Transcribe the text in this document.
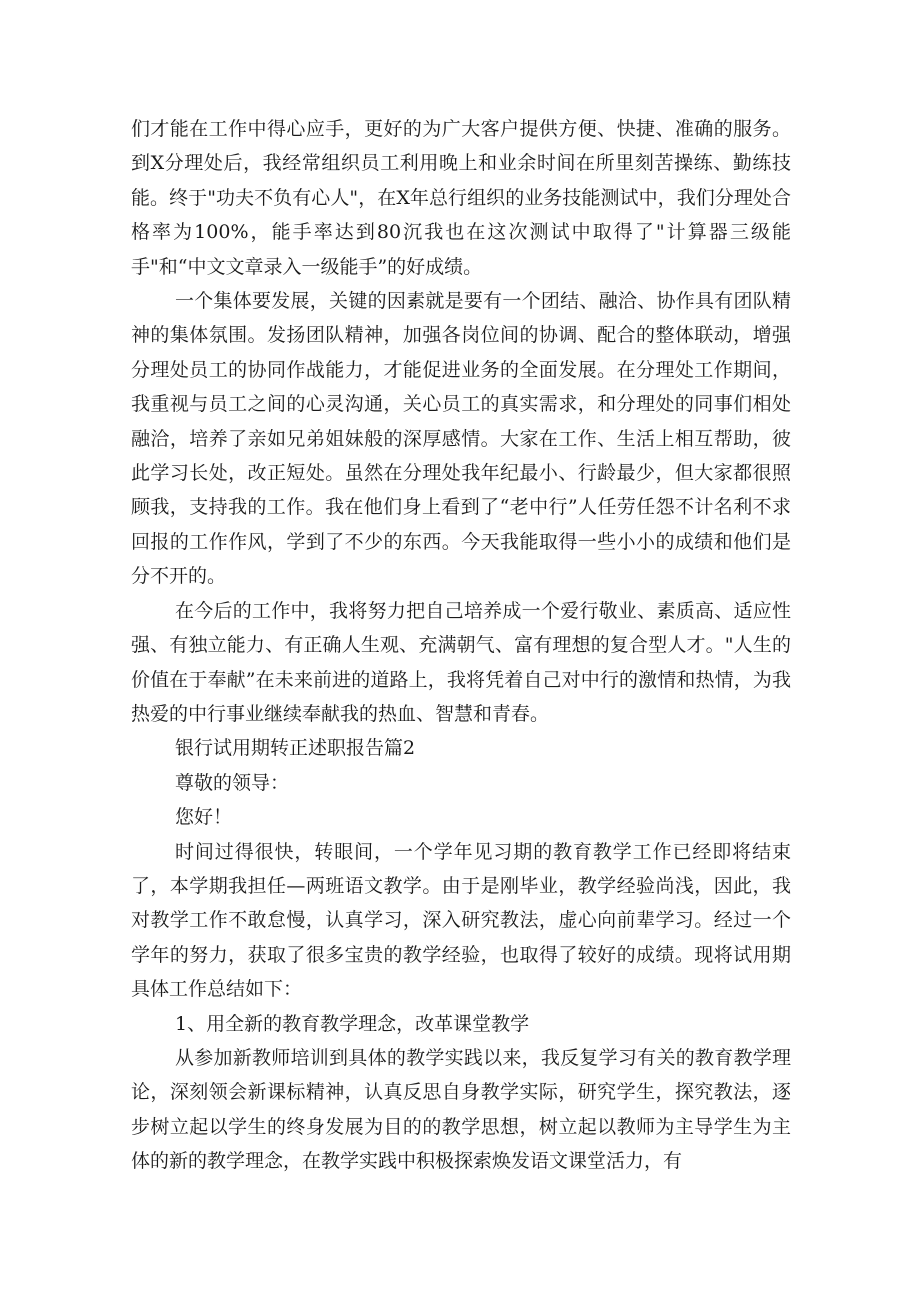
们才能在工作中得心应手，更好的为广大客户提供方便、快捷、准确的服务。到X分理处后，我经常组织员工利用晚上和业余时间在所里刻苦操练、勤练技能。终于"功夫不负有心人"，在X年总行组织的业务技能测试中，我们分理处合格率为100%，能手率达到80沉我也在这次测试中取得了"计算器三级能手"和“中文文章录入一级能手”的好成绩。

一个集体要发展，关键的因素就是要有一个团结、融洽、协作具有团队精神的集体氛围。发扬团队精神，加强各岗位间的协调、配合的整体联动，增强分理处员工的协同作战能力，才能促进业务的全面发展。在分理处工作期间，我重视与员工之间的心灵沟通，关心员工的真实需求，和分理处的同事们相处融洽，培养了亲如兄弟姐妹般的深厚感情。大家在工作、生活上相互帮助，彼此学习长处，改正短处。虽然在分理处我年纪最小、行龄最少，但大家都很照顾我，支持我的工作。我在他们身上看到了“老中行”人任劳任怨不计名利不求回报的工作作风，学到了不少的东西。今天我能取得一些小小的成绩和他们是分不开的。

在今后的工作中，我将努力把自己培养成一个爱行敬业、素质高、适应性强、有独立能力、有正确人生观、充满朝气、富有理想的复合型人才。"人生的价值在于奉献”在未来前进的道路上，我将凭着自己对中行的激情和热情，为我热爱的中行事业继续奉献我的热血、智慧和青春。

银行试用期转正述职报告篇2

尊敬的领导：

您好！

时间过得很快，转眼间，一个学年见习期的教育教学工作已经即将结束了，本学期我担任—两班语文教学。由于是刚毕业，教学经验尚浅，因此，我对教学工作不敢怠慢，认真学习，深入研究教法，虚心向前辈学习。经过一个学年的努力，获取了很多宝贵的教学经验，也取得了较好的成绩。现将试用期具体工作总结如下：

1、用全新的教育教学理念，改革课堂教学

从参加新教师培训到具体的教学实践以来，我反复学习有关的教育教学理论，深刻领会新课标精神，认真反思自身教学实际，研究学生，探究教法，逐步树立起以学生的终身发展为目的的教学思想，树立起以教师为主导学生为主体的新的教学理念，在教学实践中积极探索焕发语文课堂活力，有
